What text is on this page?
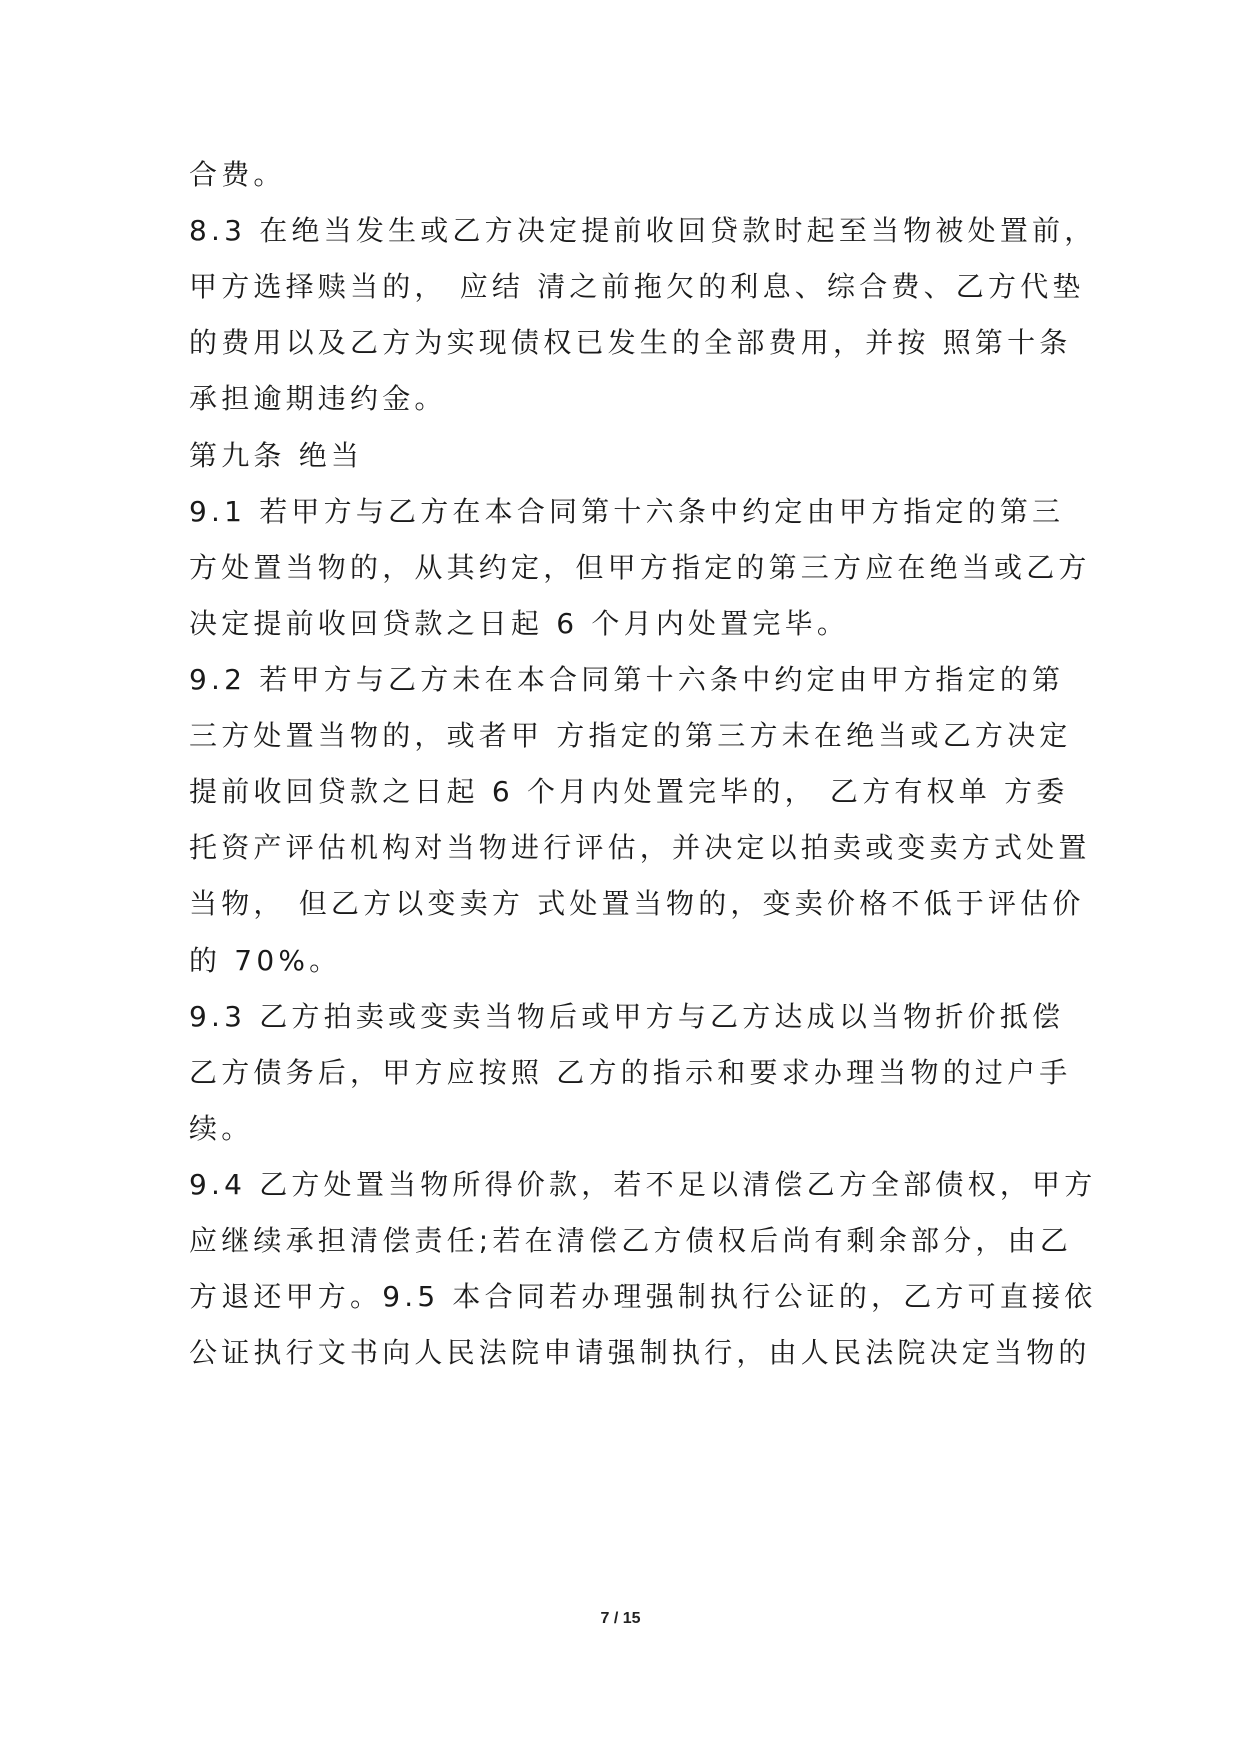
合费。
8.3 在绝当发生或乙方决定提前收回贷款时起至当物被处置前，
甲方选择赎当的， 应结 清之前拖欠的利息、综合费、乙方代垫
的费用以及乙方为实现债权已发生的全部费用，并按 照第十条
承担逾期违约金。
第九条 绝当
9.1 若甲方与乙方在本合同第十六条中约定由甲方指定的第三
方处置当物的，从其约定，但甲方指定的第三方应在绝当或乙方
决定提前收回贷款之日起 6 个月内处置完毕。
9.2 若甲方与乙方未在本合同第十六条中约定由甲方指定的第
三方处置当物的，或者甲 方指定的第三方未在绝当或乙方决定
提前收回贷款之日起 6 个月内处置完毕的， 乙方有权单 方委
托资产评估机构对当物进行评估，并决定以拍卖或变卖方式处置
当物， 但乙方以变卖方 式处置当物的，变卖价格不低于评估价
的 70%。
9.3 乙方拍卖或变卖当物后或甲方与乙方达成以当物折价抵偿
乙方债务后，甲方应按照 乙方的指示和要求办理当物的过户手
续。
9.4 乙方处置当物所得价款，若不足以清偿乙方全部债权，甲方
应继续承担清偿责任;若在清偿乙方债权后尚有剩余部分，由乙
方退还甲方。9.5 本合同若办理强制执行公证的，乙方可直接依
公证执行文书向人民法院申请强制执行，由人民法院决定当物的
7 / 15
